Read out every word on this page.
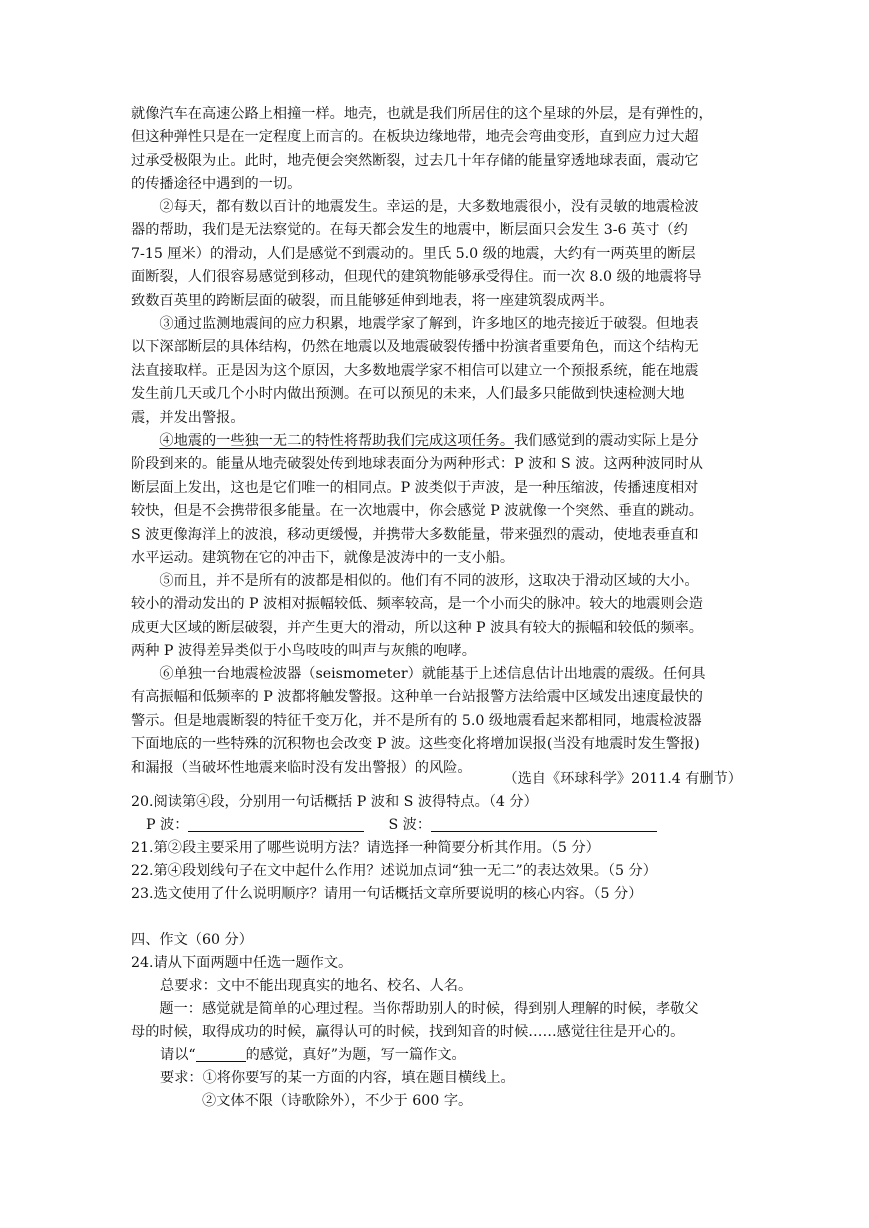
就像汽车在高速公路上相撞一样。地壳，也就是我们所居住的这个星球的外层，是有弹性的，
但这种弹性只是在一定程度上而言的。在板块边缘地带，地壳会弯曲变形，直到应力过大超
过承受极限为止。此时，地壳便会突然断裂，过去几十年存储的能量穿透地球表面，震动它
的传播途径中遇到的一切。
②每天，都有数以百计的地震发生。幸运的是，大多数地震很小，没有灵敏的地震检波
器的帮助，我们是无法察觉的。在每天都会发生的地震中，断层面只会发生 3-6 英寸（约
7-15 厘米）的滑动，人们是感觉不到震动的。里氏 5.0 级的地震，大约有一两英里的断层
面断裂，人们很容易感觉到移动，但现代的建筑物能够承受得住。而一次 8.0 级的地震将导
致数百英里的跨断层面的破裂，而且能够延伸到地表，将一座建筑裂成两半。
③通过监测地震间的应力积累，地震学家了解到，许多地区的地壳接近于破裂。但地表
以下深部断层的具体结构，仍然在地震以及地震破裂传播中扮演者重要角色，而这个结构无
法直接取样。正是因为这个原因，大多数地震学家不相信可以建立一个预报系统，能在地震
发生前几天或几个小时内做出预测。在可以预见的未来，人们最多只能做到快速检测大地
震，并发出警报。
④地震的一些独一无二的特性将帮助我们完成这项任务。我们感觉到的震动实际上是分
阶段到来的。能量从地壳破裂处传到地球表面分为两种形式：P 波和 S 波。这两种波同时从
断层面上发出，这也是它们唯一的相同点。P 波类似于声波，是一种压缩波，传播速度相对
较快，但是不会携带很多能量。在一次地震中，你会感觉 P 波就像一个突然、垂直的跳动。
S 波更像海洋上的波浪，移动更缓慢，并携带大多数能量，带来强烈的震动，使地表垂直和
水平运动。建筑物在它的冲击下，就像是波涛中的一支小船。
⑤而且，并不是所有的波都是相似的。他们有不同的波形，这取决于滑动区域的大小。
较小的滑动发出的 P 波相对振幅较低、频率较高，是一个小而尖的脉冲。较大的地震则会造
成更大区域的断层破裂，并产生更大的滑动，所以这种 P 波具有较大的振幅和较低的频率。
两种 P 波得差异类似于小鸟吱吱的叫声与灰熊的咆哮。
⑥单独一台地震检波器（seismometer）就能基于上述信息估计出地震的震级。任何具
有高振幅和低频率的 P 波都将触发警报。这种单一台站报警方法给震中区域发出速度最快的
警示。但是地震断裂的特征千变万化，并不是所有的 5.0 级地震看起来都相同，地震检波器
下面地底的一些特殊的沉积物也会改变 P 波。这些变化将增加误报(当没有地震时发生警报)
和漏报（当破坏性地震来临时没有发出警报）的风险。
（选自《环球科学》2011.4 有删节）
20.阅读第④段，分别用一句话概括 P 波和 S 波得特点。（4 分）
P 波：	S 波：
21.第②段主要采用了哪些说明方法？请选择一种简要分析其作用。（5 分）
22.第④段划线句子在文中起什么作用？述说加点词“独一无二”的表达效果。（5 分）
23.选文使用了什么说明顺序？请用一句话概括文章所要说明的核心内容。（5 分）
四、作文（60 分）
24.请从下面两题中任选一题作文。
总要求：文中不能出现真实的地名、校名、人名。
题一：感觉就是简单的心理过程。当你帮助别人的时候，得到别人理解的时候，孝敬父
母的时候，取得成功的时候，赢得认可的时候，找到知音的时候……感觉往往是开心的。
请以“	的感觉，真好”为题，写一篇作文。
要求：①将你要写的某一方面的内容，填在题目横线上。
②文体不限（诗歌除外），不少于 600 字。
